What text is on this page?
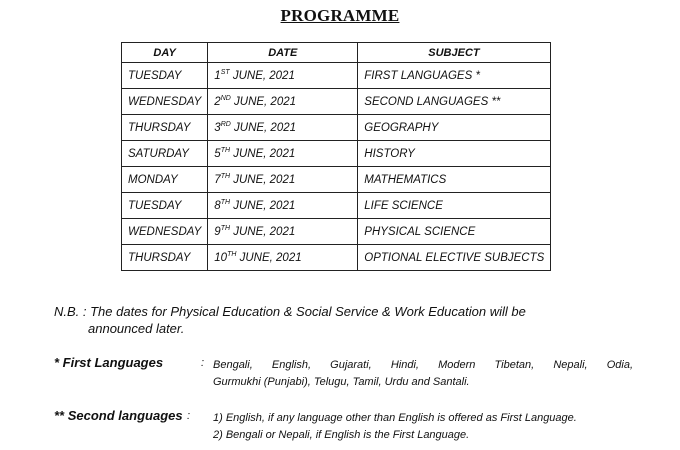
PROGRAMME
DAY	DATE	SUBJECT
TUESDAY	1ST JUNE, 2021	FIRST LANGUAGES *
WEDNESDAY	2ND JUNE, 2021	SECOND LANGUAGES **
THURSDAY	3RD JUNE, 2021	GEOGRAPHY
SATURDAY	5TH JUNE, 2021	HISTORY
MONDAY	7TH JUNE, 2021	MATHEMATICS
TUESDAY	8TH JUNE, 2021	LIFE SCIENCE
WEDNESDAY	9TH JUNE, 2021	PHYSICAL SCIENCE
THURSDAY	10TH JUNE, 2021	OPTIONAL ELECTIVE SUBJECTS
N.B. : The dates for Physical Education & Social Service & Work Education will be
announced later.
* First Languages	: Bengali, English, Gujarati, Hindi, Modern Tibetan, Nepali, Odia,
Gurmukhi (Punjabi), Telugu, Tamil, Urdu and Santali.
** Second languages : 1) English, if any language other than English is offered as First Language.
2) Bengali or Nepali, if English is the First Language.
